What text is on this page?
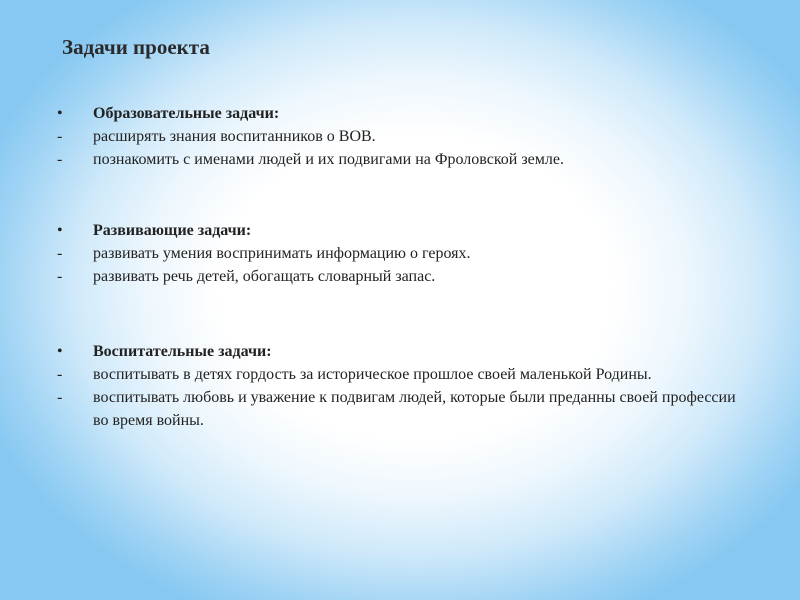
Задачи проекта
•	Образовательные задачи:
-	расширять знания воспитанников о ВОВ.
-	познакомить с именами людей и их подвигами на Фроловской земле.
•	Развивающие задачи:
-	развивать умения воспринимать информацию о героях.
-	развивать речь детей, обогащать словарный запас.
•	Воспитательные задачи:
-	воспитывать в детях гордость за историческое прошлое своей маленькой Родины.
-	воспитывать любовь и уважение к подвигам людей, которые были преданны своей профессии во время войны.
